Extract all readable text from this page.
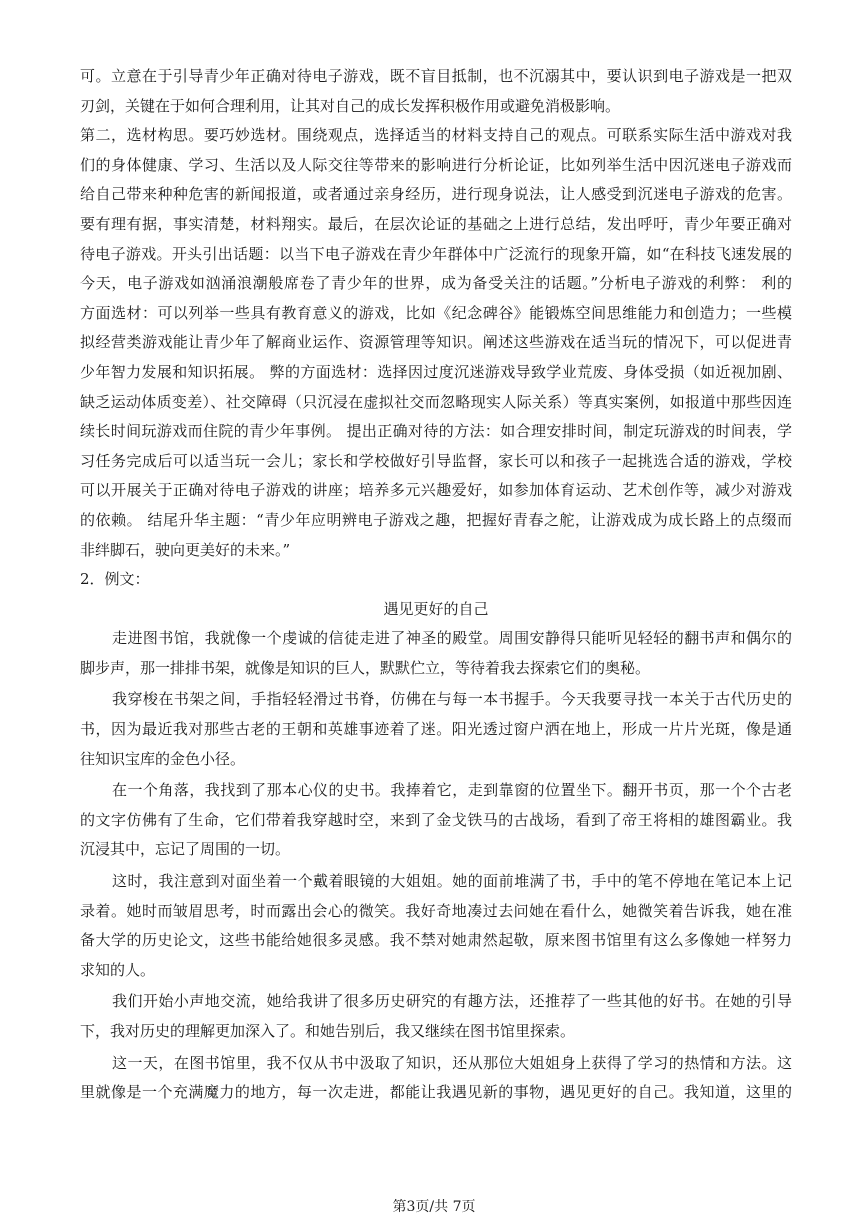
可。立意在于引导青少年正确对待电子游戏，既不盲目抵制，也不沉溺其中，要认识到电子游戏是一把双
刃剑，关键在于如何合理利用，让其对自己的成长发挥积极作用或避免消极影响。
第二，选材构思。要巧妙选材。围绕观点，选择适当的材料支持自己的观点。可联系实际生活中游戏对我
们的身体健康、学习、生活以及人际交往等带来的影响进行分析论证，比如列举生活中因沉迷电子游戏而
给自己带来种种危害的新闻报道，或者通过亲身经历，进行现身说法，让人感受到沉迷电子游戏的危害。
要有理有据，事实清楚，材料翔实。最后，在层次论证的基础之上进行总结，发出呼吁，青少年要正确对
待电子游戏。开头引出话题：以当下电子游戏在青少年群体中广泛流行的现象开篇，如“在科技飞速发展的
今天，电子游戏如汹涌浪潮般席卷了青少年的世界，成为备受关注的话题。”分析电子游戏的利弊： 利的
方面选材：可以列举一些具有教育意义的游戏，比如《纪念碑谷》能锻炼空间思维能力和创造力；一些模
拟经营类游戏能让青少年了解商业运作、资源管理等知识。阐述这些游戏在适当玩的情况下，可以促进青
少年智力发展和知识拓展。 弊的方面选材：选择因过度沉迷游戏导致学业荒废、身体受损（如近视加剧、
缺乏运动体质变差）、社交障碍（只沉浸在虚拟社交而忽略现实人际关系）等真实案例，如报道中那些因连
续长时间玩游戏而住院的青少年事例。 提出正确对待的方法：如合理安排时间，制定玩游戏的时间表，学
习任务完成后可以适当玩一会儿；家长和学校做好引导监督，家长可以和孩子一起挑选合适的游戏，学校
可以开展关于正确对待电子游戏的讲座；培养多元兴趣爱好，如参加体育运动、艺术创作等，减少对游戏
的依赖。 结尾升华主题：“青少年应明辨电子游戏之趣，把握好青春之舵，让游戏成为成长路上的点缀而
非绊脚石，驶向更美好的未来。”
2．例文：
遇见更好的自己
走进图书馆，我就像一个虔诚的信徒走进了神圣的殿堂。周围安静得只能听见轻轻的翻书声和偶尔的
脚步声，那一排排书架，就像是知识的巨人，默默伫立，等待着我去探索它们的奥秘。
我穿梭在书架之间，手指轻轻滑过书脊，仿佛在与每一本书握手。今天我要寻找一本关于古代历史的
书，因为最近我对那些古老的王朝和英雄事迹着了迷。阳光透过窗户洒在地上，形成一片片光斑，像是通
往知识宝库的金色小径。
在一个角落，我找到了那本心仪的史书。我捧着它，走到靠窗的位置坐下。翻开书页，那一个个古老
的文字仿佛有了生命，它们带着我穿越时空，来到了金戈铁马的古战场，看到了帝王将相的雄图霸业。我
沉浸其中，忘记了周围的一切。
这时，我注意到对面坐着一个戴着眼镜的大姐姐。她的面前堆满了书，手中的笔不停地在笔记本上记
录着。她时而皱眉思考，时而露出会心的微笑。我好奇地凑过去问她在看什么，她微笑着告诉我，她在准
备大学的历史论文，这些书能给她很多灵感。我不禁对她肃然起敬，原来图书馆里有这么多像她一样努力
求知的人。
我们开始小声地交流，她给我讲了很多历史研究的有趣方法，还推荐了一些其他的好书。在她的引导
下，我对历史的理解更加深入了。和她告别后，我又继续在图书馆里探索。
这一天，在图书馆里，我不仅从书中汲取了知识，还从那位大姐姐身上获得了学习的热情和方法。这
里就像是一个充满魔力的地方，每一次走进，都能让我遇见新的事物，遇见更好的自己。我知道，这里的
第3页/共 7页
